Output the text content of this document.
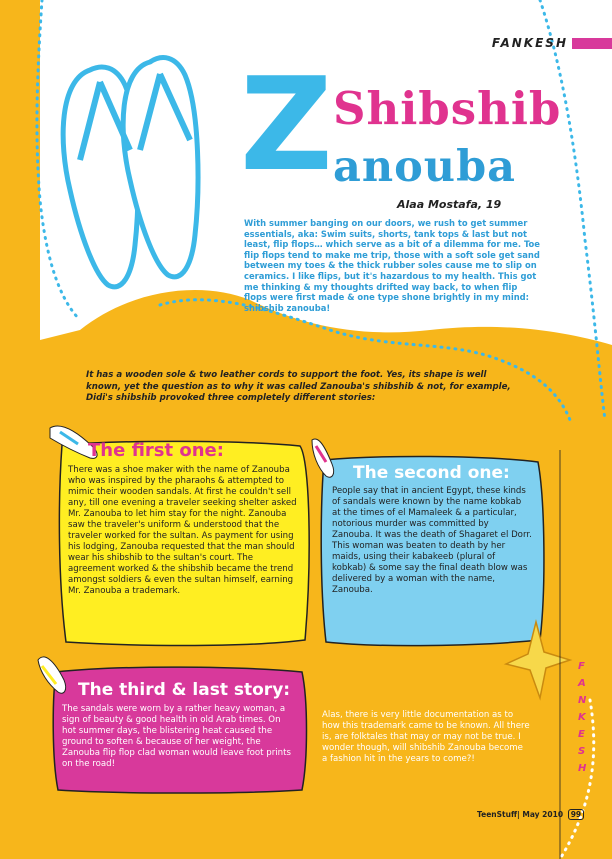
FANKESH
Z Shibshib
anouba
Alaa Mostafa, 19
With summer banging on our doors, we rush to get summer essentials, aka: Swim suits, shorts, tank tops & last but not least, flip flops… which serve as a bit of a dilemma for me. Toe flip flops tend to make me trip, those with a soft sole get sand between my toes & the thick rubber soles cause me to slip on ceramics. I like flips, but it's hazardous to my health. This got me thinking & my thoughts drifted way back, to when flip flops were first made & one type shone brightly in my mind: shibshib zanouba!
It has a wooden sole & two leather cords to support the foot. Yes, its shape is well known, yet the question as to why it was called Zanouba's shibshib & not, for example, Didi's shibshib provoked three completely different stories:
The first one:
There was a shoe maker with the name of Zanouba who was inspired by the pharaohs & attempted to mimic their wooden sandals. At first he couldn't sell any, till one evening a traveler seeking shelter asked Mr. Zanouba to let him stay for the night. Zanouba saw the traveler's uniform & understood that the traveler worked for the sultan. As payment for using his lodging, Zanouba requested that the man should wear his shibshib to the sultan's court. The agreement worked & the shibshib became the trend amongst soldiers & even the sultan himself, earning Mr. Zanouba a trademark.
The second one:
People say that in ancient Egypt, these kinds of sandals were known by the name kobkab at the times of el Mamaleek & a particular, notorious murder was committed by Zanouba. It was the death of Shagaret el Dorr. This woman was beaten to death by her maids, using their kabakeeb (plural of kobkab) & some say the final death blow was delivered by a woman with the name, Zanouba.
The third & last story:
The sandals were worn by a rather heavy woman, a sign of beauty & good health in old Arab times. On hot summer days, the blistering heat caused the ground to soften & because of her weight, the Zanouba flip flop clad woman would leave foot prints on the road!
Alas, there is very little documentation as to how this trademark came to be known. All there is, are folktales that may or may not be true. I wonder though, will shibshib Zanouba become a fashion hit in the years to come?!
FANKESH
TeenStuff| May 2010 99
